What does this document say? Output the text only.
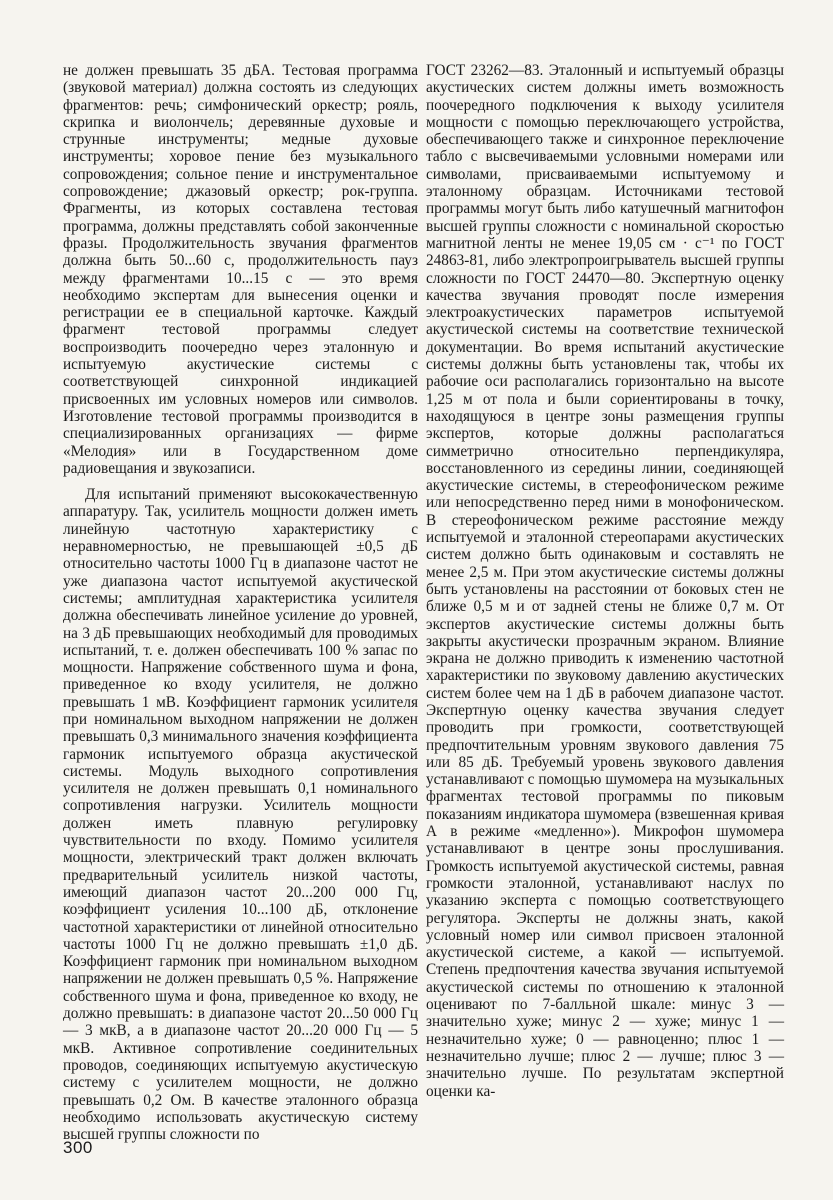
не должен превышать 35 дБА. Тестовая программа (звуковой материал) должна состоять из следующих фрагментов: речь; симфонический оркестр; рояль, скрипка и виолончель; деревянные духовые и струнные инструменты; медные духовые инструменты; хоровое пение без музыкального сопровождения; сольное пение и инструментальное сопровождение; джазовый оркестр; рок-группа. Фрагменты, из которых составлена тестовая программа, должны представлять собой законченные фразы. Продолжительность звучания фрагментов должна быть 50...60 с, продолжительность пауз между фрагментами 10...15 с — это время необходимо экспертам для вынесения оценки и регистрации ее в специальной карточке. Каждый фрагмент тестовой программы следует воспроизводить поочередно через эталонную и испытуемую акустические системы с соответствующей синхронной индикацией присвоенных им условных номеров или символов. Изготовление тестовой программы производится в специализированных организациях — фирме «Мелодия» или в Государственном доме радиовещания и звукозаписи.

Для испытаний применяют высококачественную аппаратуру. Так, усилитель мощности должен иметь линейную частотную характеристику с неравномерностью, не превышающей ±0,5 дБ относительно частоты 1000 Гц в диапазоне частот не уже диапазона частот испытуемой акустической системы; амплитудная характеристика усилителя должна обеспечивать линейное усиление до уровней, на 3 дБ превышающих необходимый для проводимых испытаний, т. е. должен обеспечивать 100 % запас по мощности. Напряжение собственного шума и фона, приведенное ко входу усилителя, не должно превышать 1 мВ. Коэффициент гармоник усилителя при номинальном выходном напряжении не должен превышать 0,3 минимального значения коэффициента гармоник испытуемого образца акустической системы. Модуль выходного сопротивления усилителя не должен превышать 0,1 номинального сопротивления нагрузки. Усилитель мощности должен иметь плавную регулировку чувствительности по входу. Помимо усилителя мощности, электрический тракт должен включать предварительный усилитель низкой частоты, имеющий диапазон частот 20...200 000 Гц, коэффициент усиления 10...100 дБ, отклонение частотной характеристики от линейной относительно частоты 1000 Гц не должно превышать ±1,0 дБ. Коэффициент гармоник при номинальном выходном напряжении не должен превышать 0,5 %. Напряжение собственного шума и фона, приведенное ко входу, не должно превышать: в диапазоне частот 20...50 000 Гц — 3 мкВ, а в диапазоне частот 20...20 000 Гц — 5 мкВ. Активное сопротивление соединительных проводов, соединяющих испытуемую акустическую систему с усилителем мощности, не должно превышать 0,2 Ом. В качестве эталонного образца необходимо использовать акустическую систему высшей группы сложности по

ГОСТ 23262—83. Эталонный и испытуемый образцы акустических систем должны иметь возможность поочередного подключения к выходу усилителя мощности с помощью переключающего устройства, обеспечивающего также и синхронное переключение табло с высвечиваемыми условными номерами или символами, присваиваемыми испытуемому и эталонному образцам. Источниками тестовой программы могут быть либо катушечный магнитофон высшей группы сложности с номинальной скоростью магнитной ленты не менее 19,05 см · с⁻¹ по ГОСТ 24863-81, либо электропроигрыватель высшей группы сложности по ГОСТ 24470—80. Экспертную оценку качества звучания проводят после измерения электроакустических параметров испытуемой акустической системы на соответствие технической документации. Во время испытаний акустические системы должны быть установлены так, чтобы их рабочие оси располагались горизонтально на высоте 1,25 м от пола и были сориентированы в точку, находящуюся в центре зоны размещения группы экспертов, которые должны располагаться симметрично относительно перпендикуляра, восстановленного из середины линии, соединяющей акустические системы, в стереофоническом режиме или непосредственно перед ними в монофоническом. В стереофоническом режиме расстояние между испытуемой и эталонной стереопарами акустических систем должно быть одинаковым и составлять не менее 2,5 м. При этом акустические системы должны быть установлены на расстоянии от боковых стен не ближе 0,5 м и от задней стены не ближе 0,7 м. От экспертов акустические системы должны быть закрыты акустически прозрачным экраном. Влияние экрана не должно приводить к изменению частотной характеристики по звуковому давлению акустических систем более чем на 1 дБ в рабочем диапазоне частот. Экспертную оценку качества звучания следует проводить при громкости, соответствующей предпочтительным уровням звукового давления 75 или 85 дБ. Требуемый уровень звукового давления устанавливают с помощью шумомера на музыкальных фрагментах тестовой программы по пиковым показаниям индикатора шумомера (взвешенная кривая А в режиме «медленно»). Микрофон шумомера устанавливают в центре зоны прослушивания. Громкость испытуемой акустической системы, равная громкости эталонной, устанавливают наслух по указанию эксперта с помощью соответствующего регулятора. Эксперты не должны знать, какой условный номер или символ присвоен эталонной акустической системе, а какой — испытуемой. Степень предпочтения качества звучания испытуемой акустической системы по отношению к эталонной оценивают по 7-балльной шкале: минус 3 — значительно хуже; минус 2 — хуже; минус 1 — незначительно хуже; 0 — равноценно; плюс 1 — незначительно лучше; плюс 2 — лучше; плюс 3 — значительно лучше. По результатам экспертной оценки ка-

300
